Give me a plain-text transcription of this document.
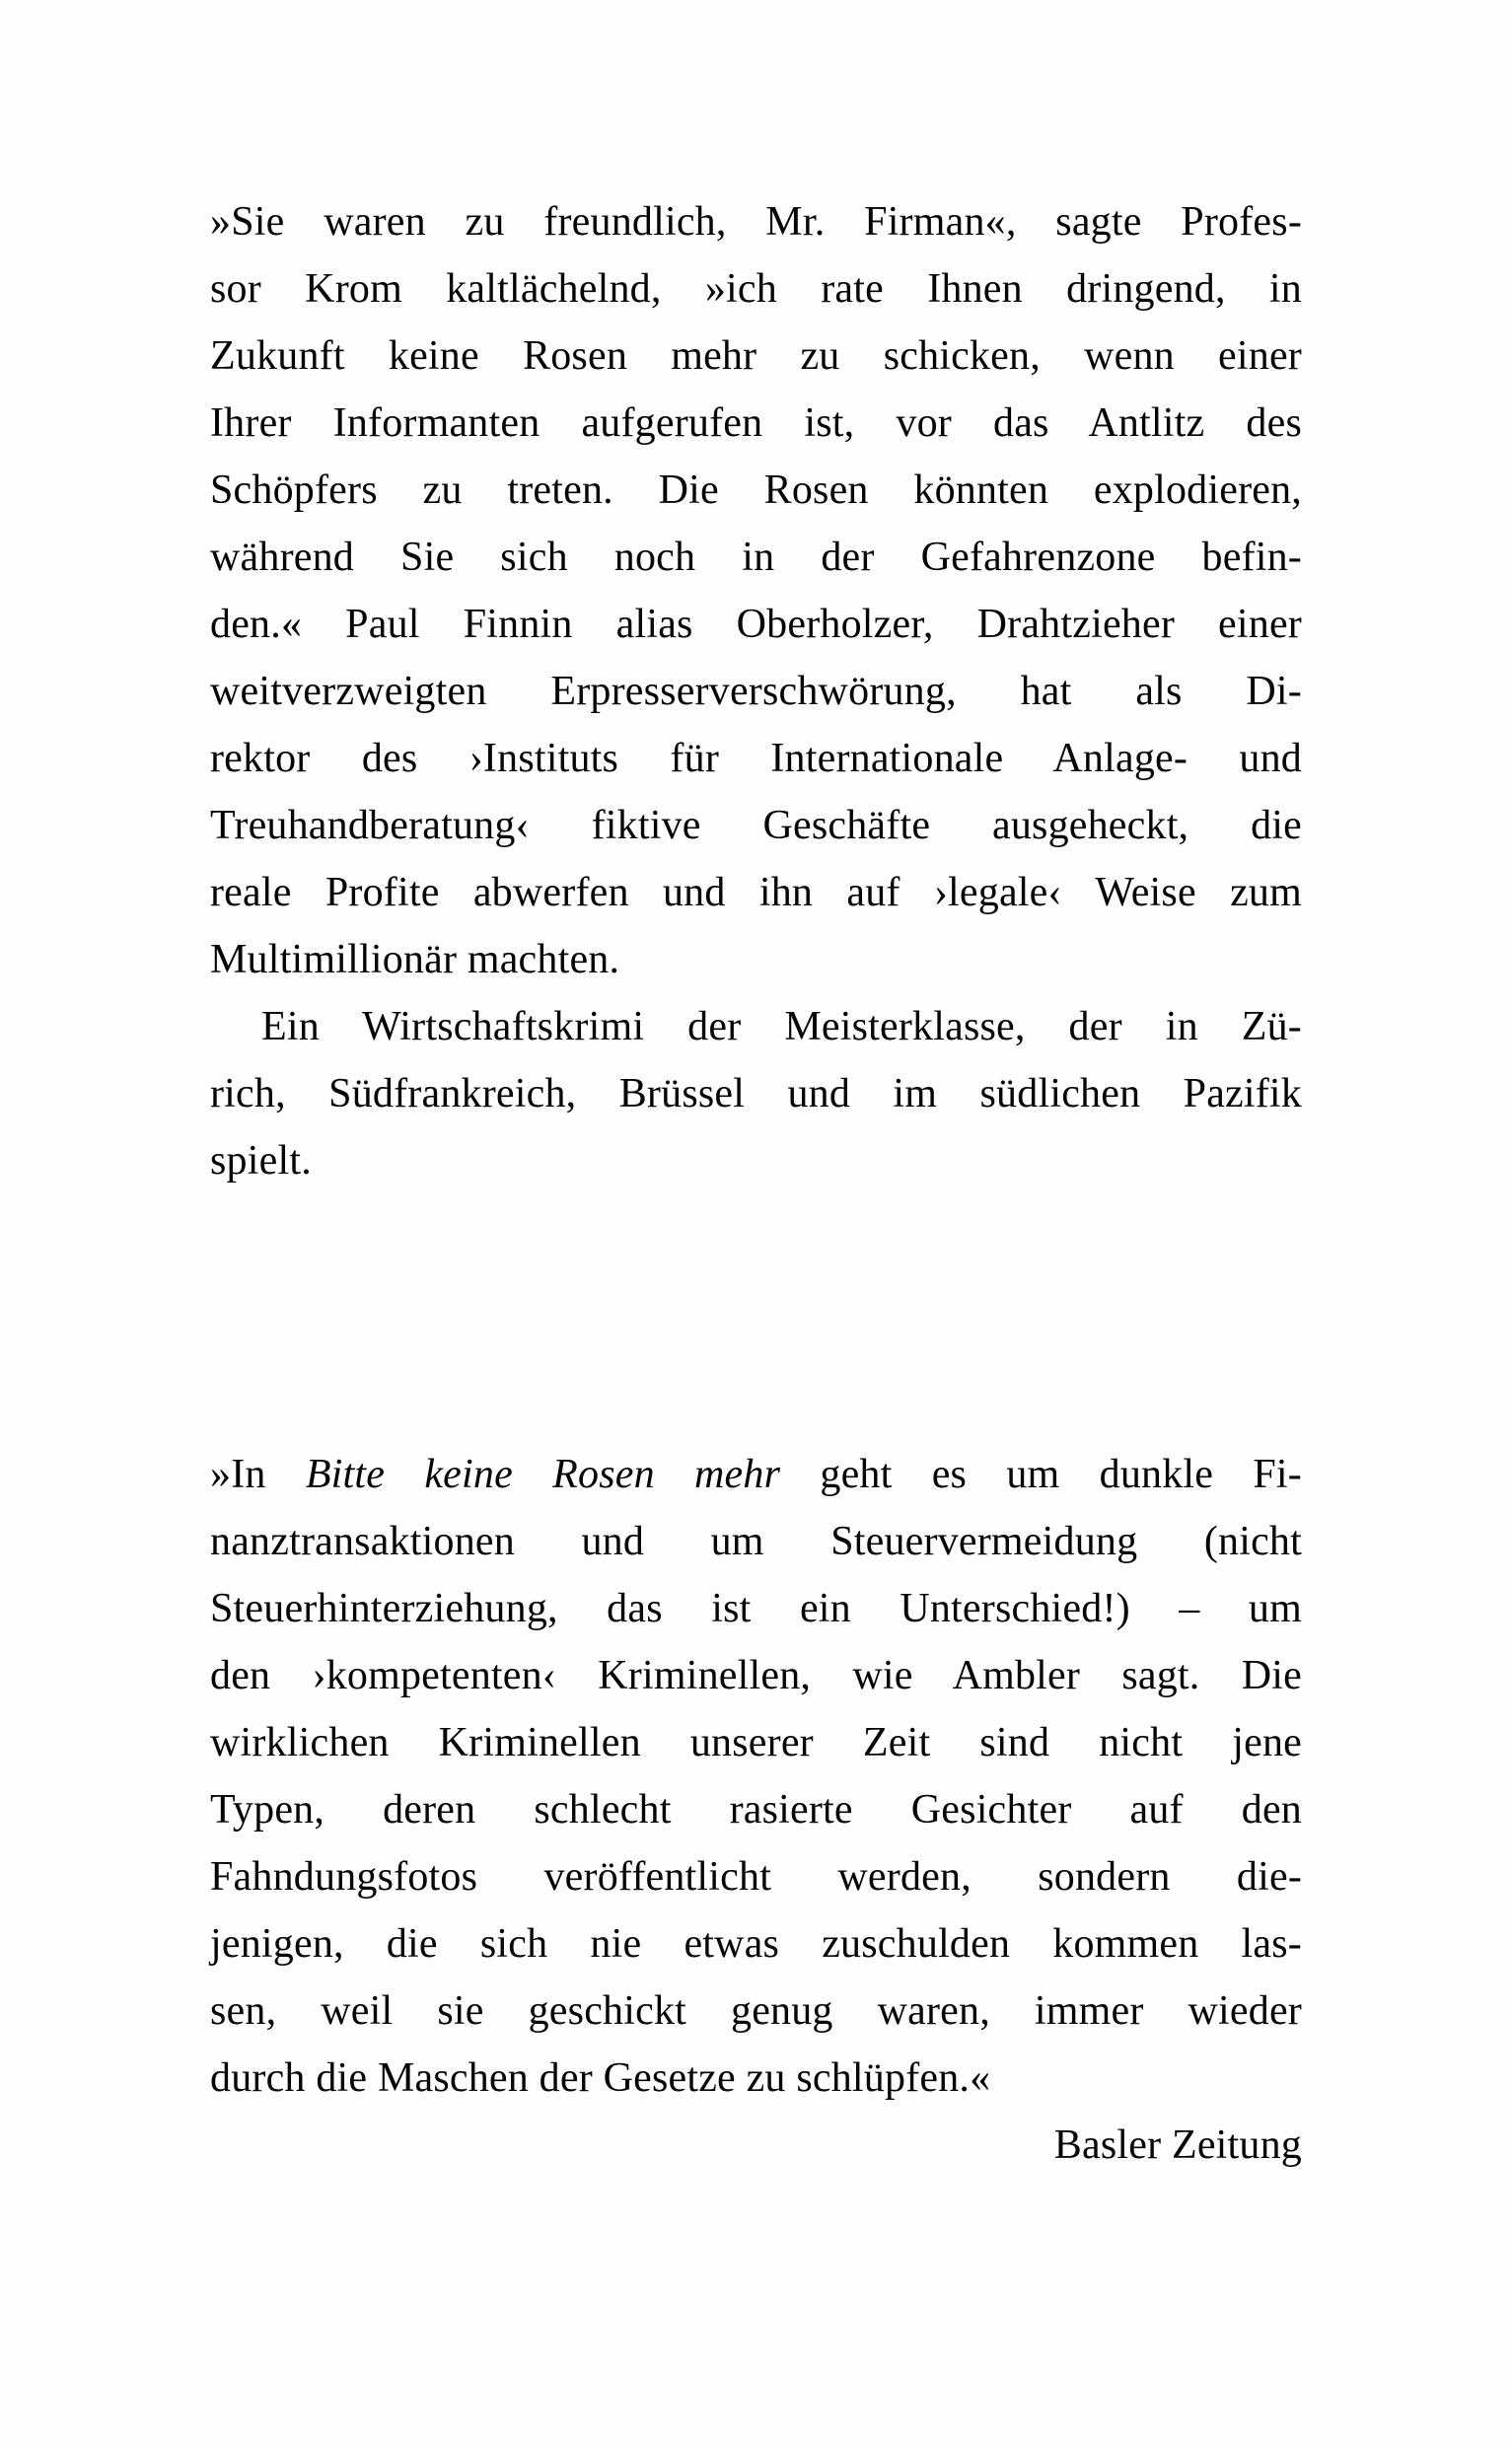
»Sie waren zu freundlich, Mr. Firman«, sagte Profes-
sor Krom kaltlächelnd, »ich rate Ihnen dringend, in
Zukunft keine Rosen mehr zu schicken, wenn einer
Ihrer Informanten aufgerufen ist, vor das Antlitz des
Schöpfers zu treten. Die Rosen könnten explodieren,
während Sie sich noch in der Gefahrenzone befin-
den.« Paul Finnin alias Oberholzer, Drahtzieher einer
weitverzweigten Erpresserverschwörung, hat als Di-
rektor des ›Instituts für Internationale Anlage- und
Treuhandberatung‹ fiktive Geschäfte ausgeheckt, die
reale Profite abwerfen und ihn auf ›legale‹ Weise zum
Multimillionär machten.
Ein Wirtschaftskrimi der Meisterklasse, der in Zü-
rich, Südfrankreich, Brüssel und im südlichen Pazifik
spielt.
»In Bitte keine Rosen mehr geht es um dunkle Fi-
nanztransaktionen und um Steuervermeidung (nicht
Steuerhinterziehung, das ist ein Unterschied!) – um
den ›kompetenten‹ Kriminellen, wie Ambler sagt. Die
wirklichen Kriminellen unserer Zeit sind nicht jene
Typen, deren schlecht rasierte Gesichter auf den
Fahndungsfotos veröffentlicht werden, sondern die-
jenigen, die sich nie etwas zuschulden kommen las-
sen, weil sie geschickt genug waren, immer wieder
durch die Maschen der Gesetze zu schlüpfen.«
Basler Zeitung
